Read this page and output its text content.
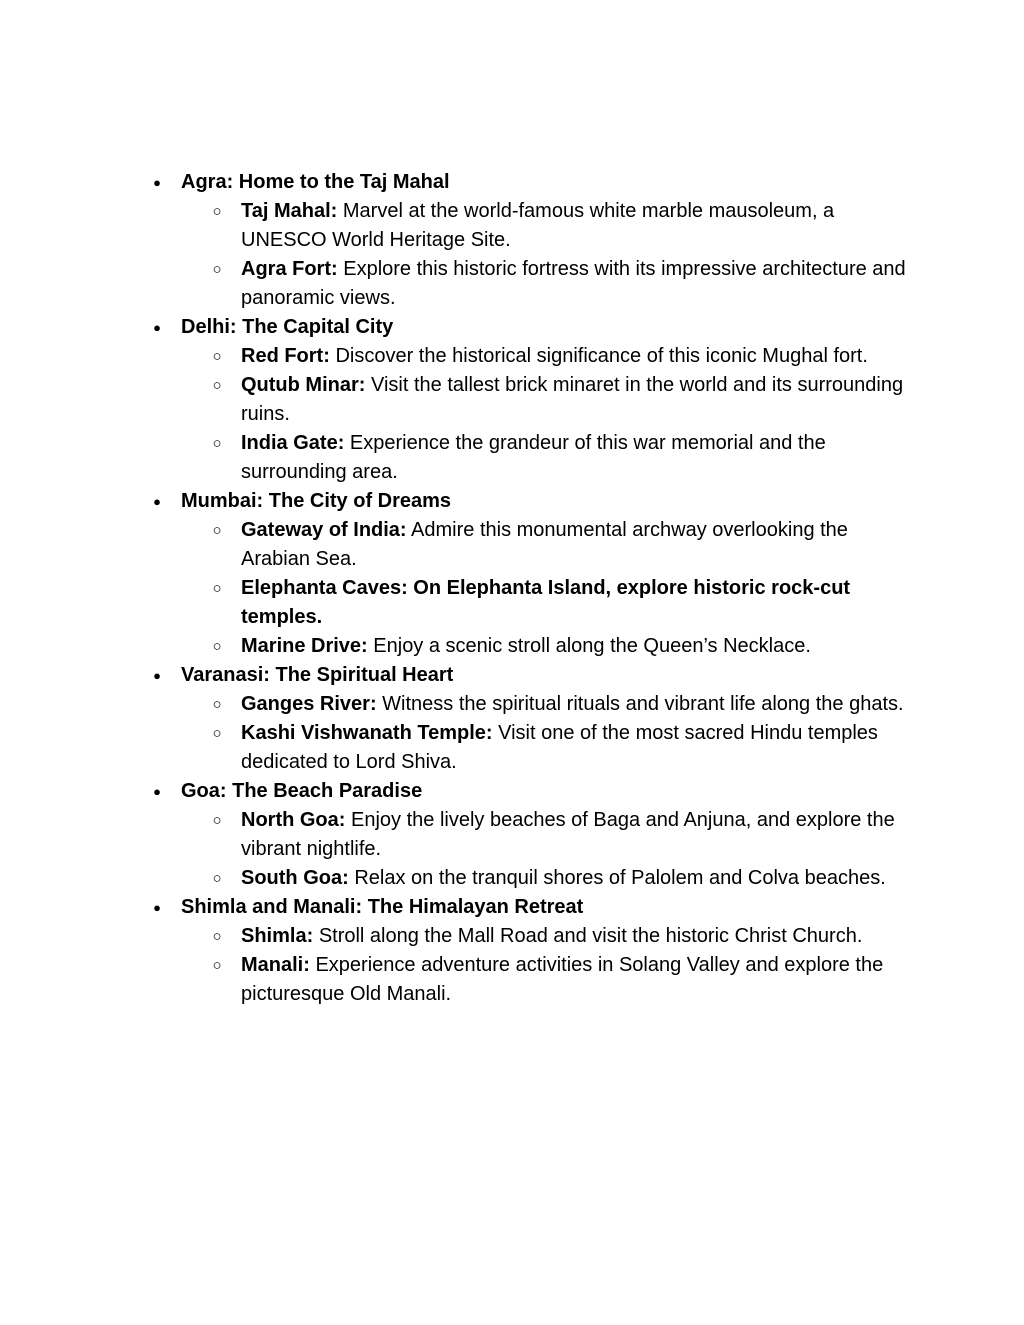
● Agra: Home to the Taj Mahal
○ Taj Mahal: Marvel at the world-famous white marble mausoleum, a UNESCO World Heritage Site.
○ Agra Fort: Explore this historic fortress with its impressive architecture and panoramic views.
● Delhi: The Capital City
○ Red Fort: Discover the historical significance of this iconic Mughal fort.
○ Qutub Minar: Visit the tallest brick minaret in the world and its surrounding ruins.
○ India Gate: Experience the grandeur of this war memorial and the surrounding area.
● Mumbai: The City of Dreams
○ Gateway of India: Admire this monumental archway overlooking the Arabian Sea.
○ Elephanta Caves: On Elephanta Island, explore historic rock-cut temples.
○ Marine Drive: Enjoy a scenic stroll along the Queen’s Necklace.
● Varanasi: The Spiritual Heart
○ Ganges River: Witness the spiritual rituals and vibrant life along the ghats.
○ Kashi Vishwanath Temple: Visit one of the most sacred Hindu temples dedicated to Lord Shiva.
● Goa: The Beach Paradise
○ North Goa: Enjoy the lively beaches of Baga and Anjuna, and explore the vibrant nightlife.
○ South Goa: Relax on the tranquil shores of Palolem and Colva beaches.
● Shimla and Manali: The Himalayan Retreat
○ Shimla: Stroll along the Mall Road and visit the historic Christ Church.
○ Manali: Experience adventure activities in Solang Valley and explore the picturesque Old Manali.
